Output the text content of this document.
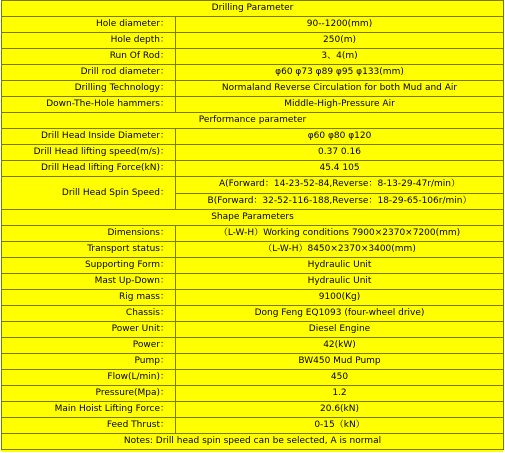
Drilling Parameter	
Hole diameter：	90--1200(mm)
Hole depth：	250(m)
Run Of Rod：	3、4(m)
Drill rod diameter：	φ60 φ73 φ89 φ95 φ133(mm)
Drilling Technology：	Normaland Reverse Circulation for both Mud and Air
Down-The-Hole hammers：	Middle-High-Pressure Air
Performance parameter	
Drill Head Inside Diameter：	φ60 φ80 φ120
Drill Head lifting speed(m/s)：	0.37 0.16
Drill Head lifting Force(kN)：	45.4 105
Drill Head Spin Speed：	A(Forward：14-23-52-84,Reverse：8-13-29-47r/min）
	B(Forward：32-52-116-188,Reverse：18-29-65-106r/min）
Shape Parameters	
Dimensions：	（L-W-H）Working conditions 7900×2370×7200(mm)
Transport status：	（L-W-H）8450×2370×3400(mm)
Supporting Form：	Hydraulic Unit
Mast Up-Down：	Hydraulic Unit
Rig mass：	9100(Kg)
Chassis：	Dong Feng EQ1093 (four-wheel drive)
Power Unit：	Diesel Engine
Power：	42(kW)
Pump：	BW450 Mud Pump
Flow(L/min)：	450
Pressure(Mpa)：	1.2
Main Hoist Lifting Force：	20.6(kN)
Feed Thrust：	0-15（kN）
Notes: Drill head spin speed can be selected, A is normal	
